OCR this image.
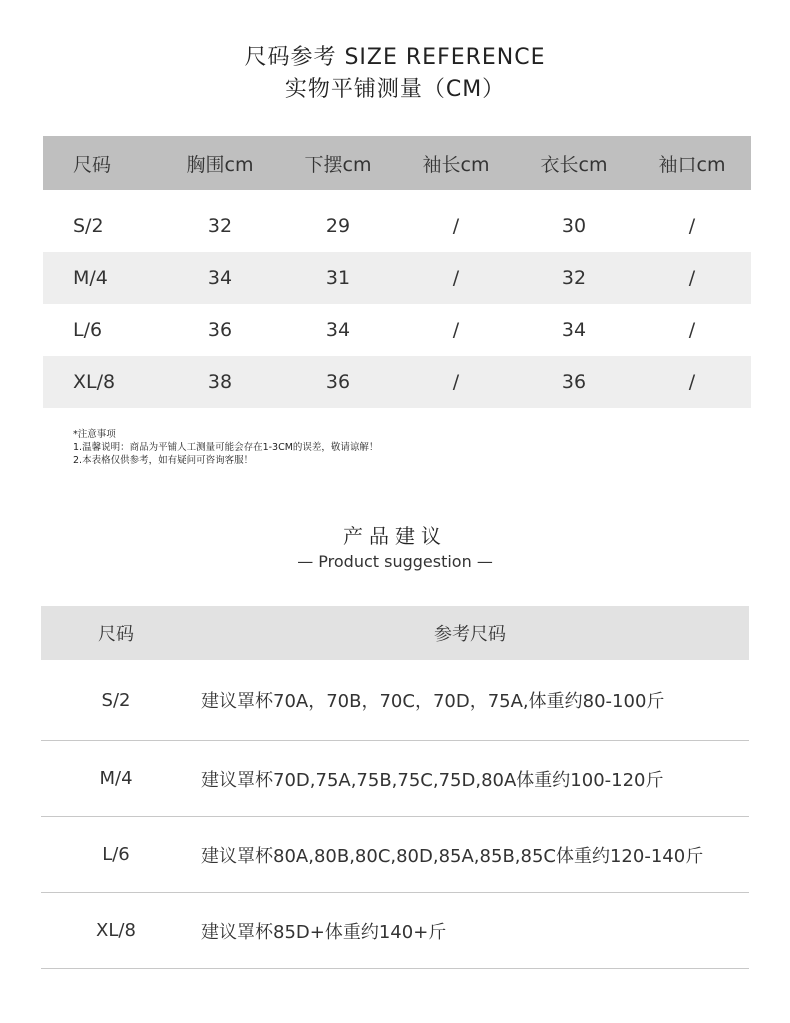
尺码参考 SIZE REFERENCE
实物平铺测量（CM）
尺码	胸围cm	下摆cm	袖长cm	衣长cm	袖口cm

S/2	32	29	/	30	/
M/4	34	31	/	32	/
L/6	36	34	/	34	/
XL/8	38	36	/	36	/
*注意事项
1.温馨说明：商品为平铺人工测量可能会存在1-3CM的误差，敬请谅解！
2.本表格仅供参考，如有疑问可咨询客服！
产品建议
— Product suggestion —
尺码	参考尺码
S/2	建议罩杯70A，70B，70C，70D，75A,体重约80-100斤
M/4	建议罩杯70D,75A,75B,75C,75D,80A体重约100-120斤
L/6	建议罩杯80A,80B,80C,80D,85A,85B,85C体重约120-140斤
XL/8	建议罩杯85D+体重约140+斤
